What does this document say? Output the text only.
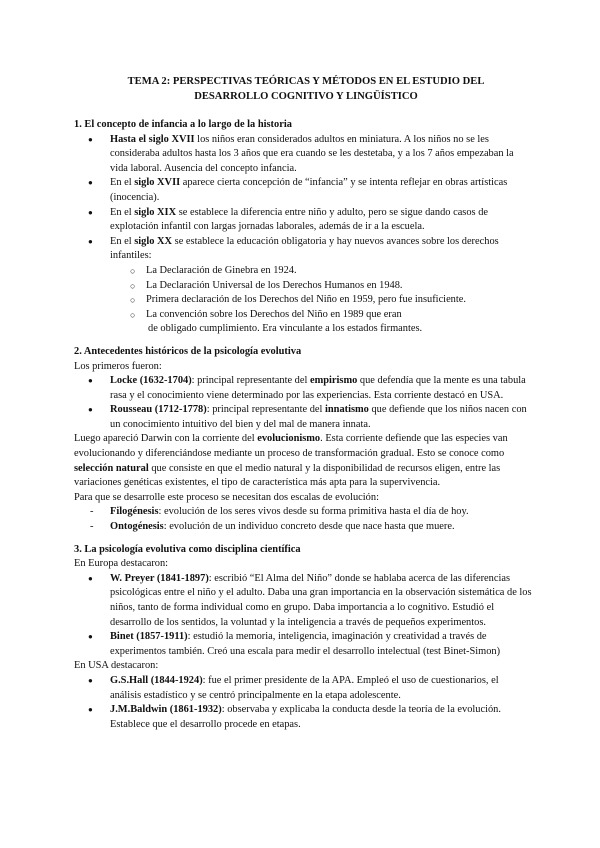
TEMA 2: PERSPECTIVAS TEÓRICAS Y MÉTODOS EN EL ESTUDIO DEL
DESARROLLO COGNITIVO Y LINGÜÍSTICO

1. El concepto de infancia a lo largo de la historia

● Hasta el siglo XVII los niños eran considerados adultos en miniatura. A los niños no se les consideraba adultos hasta los 3 años que era cuando se les destetaba, y a los 7 años empezaban la vida laboral. Ausencia del concepto infancia.
● En el siglo XVII aparece cierta concepción de “infancia” y se intenta reflejar en obras artísticas (inocencia).
● En el siglo XIX se establece la diferencia entre niño y adulto, pero se sigue dando casos de explotación infantil con largas jornadas laborales, además de ir a la escuela.
● En el siglo XX se establece la educación obligatoria y hay nuevos avances sobre los derechos infantiles:
○ La Declaración de Ginebra en 1924.
○ La Declaración Universal de los Derechos Humanos en 1948.
○ Primera declaración de los Derechos del Niño en 1959, pero fue insuficiente.
○ La convención sobre los Derechos del Niño en 1989 que eran

de obligado cumplimiento. Era vinculante a los estados firmantes.

2. Antecedentes históricos de la psicología evolutiva

Los primeros fueron:

● Locke (1632-1704): principal representante del empirismo que defendía que la mente es una tabula rasa y el conocimiento viene determinado por las experiencias. Esta corriente destacó en USA.
● Rousseau (1712-1778): principal representante del innatismo que defiende que los niños nacen con un conocimiento intuitivo del bien y del mal de manera innata.

Luego apareció Darwin con la corriente del evolucionismo. Esta corriente defiende que las especies van evolucionando y diferenciándose mediante un proceso de transformación gradual. Esto se conoce como selección natural que consiste en que el medio natural y la disponibilidad de recursos eligen, entre las variaciones genéticas existentes, el tipo de característica más apta para la supervivencia.

Para que se desarrolle este proceso se necesitan dos escalas de evolución:

- Filogénesis: evolución de los seres vivos desde su forma primitiva hasta el día de hoy.
- Ontogénesis: evolución de un individuo concreto desde que nace hasta que muere.

3. La psicología evolutiva como disciplina científica

En Europa destacaron:

● W. Preyer (1841-1897): escribió “El Alma del Niño” donde se hablaba acerca de las diferencias psicológicas entre el niño y el adulto. Daba una gran importancia en la observación sistemática de los niños, tanto de forma individual como en grupo. Daba importancia a lo cognitivo. Estudió el desarrollo de los sentidos, la voluntad y la inteligencia a través de pequeños experimentos.
● Binet (1857-1911): estudió la memoria, inteligencia, imaginación y creatividad a través de experimentos también. Creó una escala para medir el desarrollo intelectual (test Binet-Simon)

En USA destacaron:

● G.S.Hall (1844-1924): fue el primer presidente de la APA. Empleó el uso de cuestionarios, el análisis estadístico y se centró principalmente en la etapa adolescente.
● J.M.Baldwin (1861-1932): observaba y explicaba la conducta desde la teoría de la evolución. Establece que el desarrollo procede en etapas.
